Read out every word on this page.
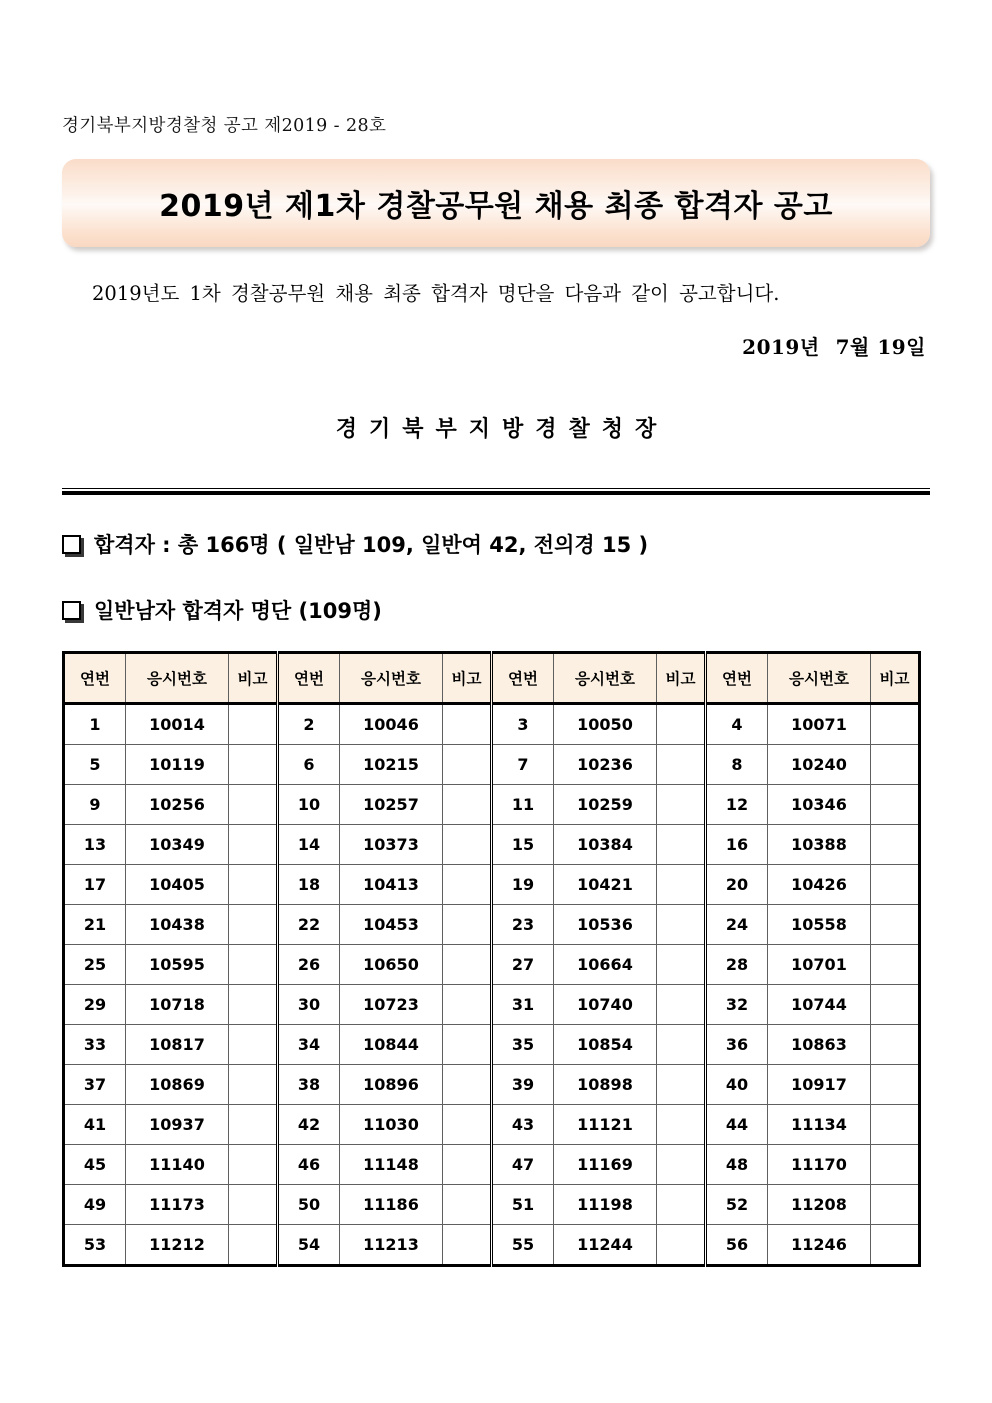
경기북부지방경찰청 공고 제2019 - 28호
2019년 제1차 경찰공무원 채용 최종 합격자 공고
2019년도 1차 경찰공무원 채용 최종 합격자 명단을 다음과 같이 공고합니다.
2019년 7월 19일
경기북부지방경찰청장
합격자 : 총 166명 ( 일반남 109, 일반여 42, 전의경 15 )
일반남자 합격자 명단 (109명)
연번	응시번호	비고	연번	응시번호	비고	연번	응시번호	비고	연번	응시번호	비고
1	10014		2	10046		3	10050		4	10071	
5	10119		6	10215		7	10236		8	10240	
9	10256		10	10257		11	10259		12	10346	
13	10349		14	10373		15	10384		16	10388	
17	10405		18	10413		19	10421		20	10426	
21	10438		22	10453		23	10536		24	10558	
25	10595		26	10650		27	10664		28	10701	
29	10718		30	10723		31	10740		32	10744	
33	10817		34	10844		35	10854		36	10863	
37	10869		38	10896		39	10898		40	10917	
41	10937		42	11030		43	11121		44	11134	
45	11140		46	11148		47	11169		48	11170	
49	11173		50	11186		51	11198		52	11208	
53	11212		54	11213		55	11244		56	11246	
